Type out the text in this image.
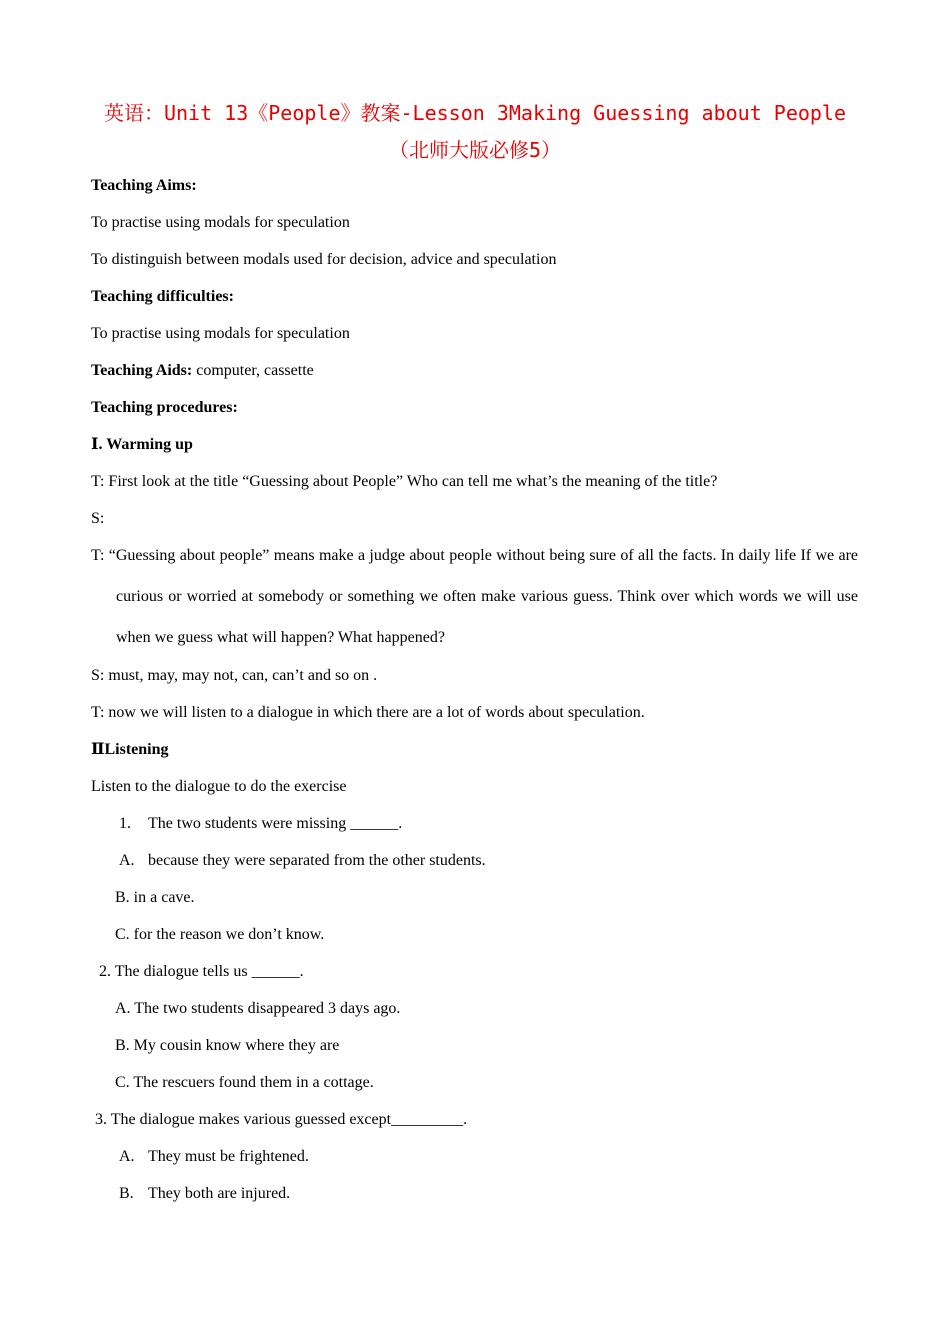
英语：Unit 13《People》教案-Lesson 3Making Guessing about People（北师大版必修5）
Teaching Aims:
To practise using modals for speculation
To distinguish between modals used for decision, advice and speculation
Teaching difficulties:
To practise using modals for speculation
Teaching Aids: computer, cassette
Teaching procedures:
Ⅰ. Warming up
T: First look at the title “Guessing about People” Who can tell me what’s the meaning of the title?
S:
T: “Guessing about people” means make a judge about people without being sure of all the facts. In daily life If we are curious or worried at somebody or something we often make various guess. Think over which words we will use when we guess what will happen? What happened?
S: must, may, may not, can, can’t and so on .
T: now we will listen to a dialogue in which there are a lot of words about speculation.
ⅡListening
Listen to the dialogue to do the exercise
1. The two students were missing ______.
A. because they were separated from the other students.
B. in a cave.
C. for the reason we don’t know.
2. The dialogue tells us ______.
A. The two students disappeared 3 days ago.
B. My cousin know where they are
C. The rescuers found them in a cottage.
3. The dialogue makes various guessed except_________.
A. They must be frightened.
B. They both are injured.
